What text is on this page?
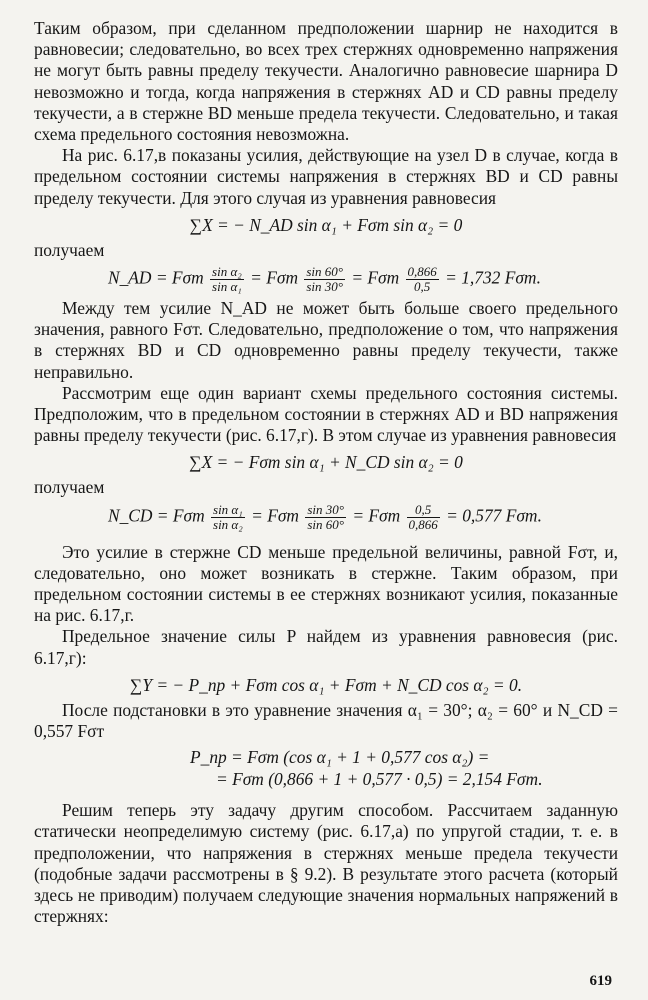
Таким образом, при сделанном предположении шарнир не находится в равновесии; следовательно, во всех трех стержнях одновременно напряжения не могут быть равны пределу текучести. Аналогично равновесие шарнира D невозможно и тогда, когда напряжения в стержнях AD и CD равны пределу текучести, а в стержне BD меньше предела текучести. Следовательно, и такая схема предельного состояния невозможна.

На рис. 6.17,в показаны усилия, действующие на узел D в случае, когда в предельном состоянии системы напряжения в стержнях BD и CD равны пределу текучести. Для этого случая из уравнения равновесия

∑X = − N_AD sin α₁ + Fσт sin α₂ = 0

получаем

N_AD = Fσт $\frac{\text{sin α₂}}{\text{sin α₁}} = F\sigma т \frac{\sin 60^\circ}{\sin 30^\circ} = F\sigma т \frac{0,866}{0,5} = 1,732$ Fσт.

Между тем усилие N_AD не может быть больше своего предельного значения, равного Fσт. Следовательно, предположение о том, что напряжения в стержнях BD и CD одновременно равны пределу текучести, также неправильно.

Рассмотрим еще один вариант схемы предельного состояния системы. Предположим, что в предельном состоянии в стержнях AD и BD напряжения равны пределу текучести (рис. 6.17,г). В этом случае из уравнения равновесия

∑X = − Fσт sin α₁ + N_CD sin α₂ = 0

получаем

N_CD = Fσт $\frac{\text{sin α₁}}{\text{sin α₂}} = F\sigma т \frac{\sin 30^\circ}{\sin 60^\circ} = F\sigma т \frac{0,5}{0,866} = 0,577$ Fσт.

Это усилие в стержне CD меньше предельной величины, равной Fσт, и, следовательно, оно может возникать в стержне. Таким образом, при предельном состоянии системы в ее стержнях возникают усилия, показанные на рис. 6.17,г.

Предельное значение силы P найдем из уравнения равновесия (рис. 6.17,г):

∑Y = − P_пр + Fσт cos α₁ + Fσт + N_CD cos α₂ = 0.

После подстановки в это уравнение значения α₁ = 30°; α₂ = 60° и N_CD = 0,557 Fσт

P_пр = Fσт (cos α₁ + 1 + 0,577 cos α₂) =
= Fσт (0,866 + 1 + 0,577 · 0,5) = 2,154 Fσт.

Решим теперь эту задачу другим способом. Рассчитаем заданную статически неопределимую систему (рис. 6.17,а) по упругой стадии, т. е. в предположении, что напряжения в стержнях меньше предела текучести (подобные задачи рассмотрены в § 9.2). В результате этого расчета (который здесь не приводим) получаем следующие значения нормальных напряжений в стержнях:

619
